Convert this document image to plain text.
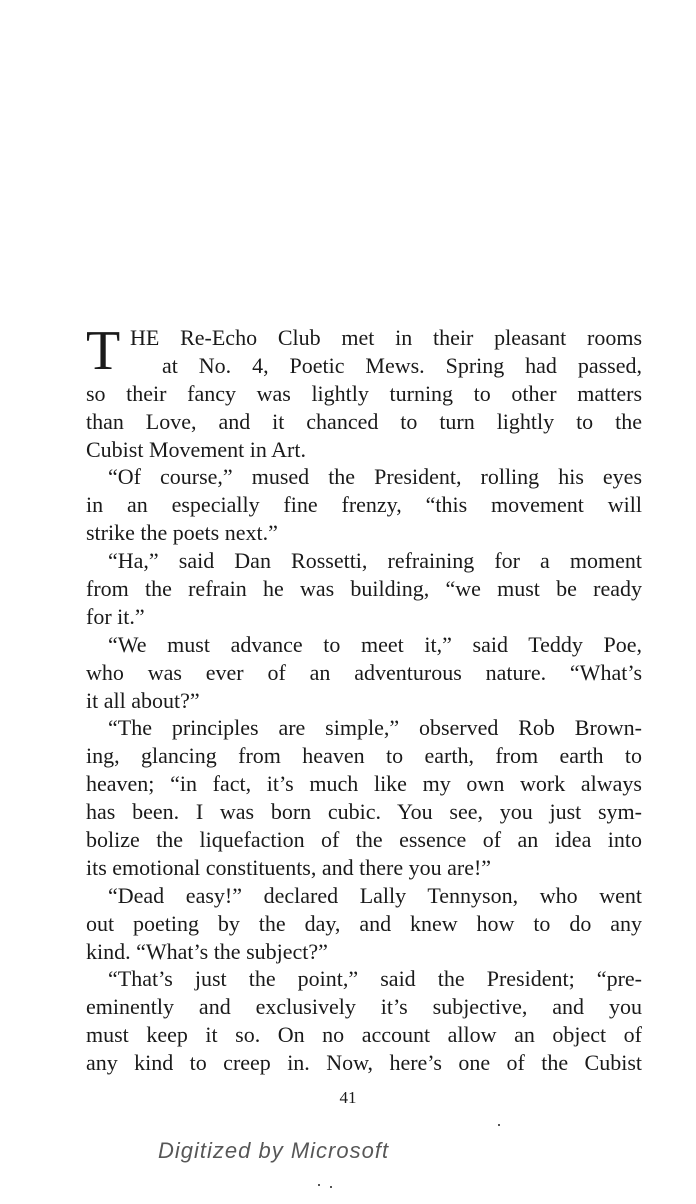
T HE Re-Echo Club met in their pleasant rooms
at No. 4, Poetic Mews. Spring had passed,
so their fancy was lightly turning to other matters
than Love, and it chanced to turn lightly to the
Cubist Movement in Art.
“Of course,” mused the President, rolling his eyes
in an especially fine frenzy, “this movement will
strike the poets next.”
“Ha,” said Dan Rossetti, refraining for a moment
from the refrain he was building, “we must be ready
for it.”
“We must advance to meet it,” said Teddy Poe,
who was ever of an adventurous nature. “What’s
it all about?”
“The principles are simple,” observed Rob Brown-
ing, glancing from heaven to earth, from earth to
heaven; “in fact, it’s much like my own work always
has been. I was born cubic. You see, you just sym-
bolize the liquefaction of the essence of an idea into
its emotional constituents, and there you are!”
“Dead easy!” declared Lally Tennyson, who went
out poeting by the day, and knew how to do any
kind. “What’s the subject?”
“That’s just the point,” said the President; “pre-
eminently and exclusively it’s subjective, and you
must keep it so. On no account allow an object of
any kind to creep in. Now, here’s one of the Cubist
41
Digitized by Microsoft
